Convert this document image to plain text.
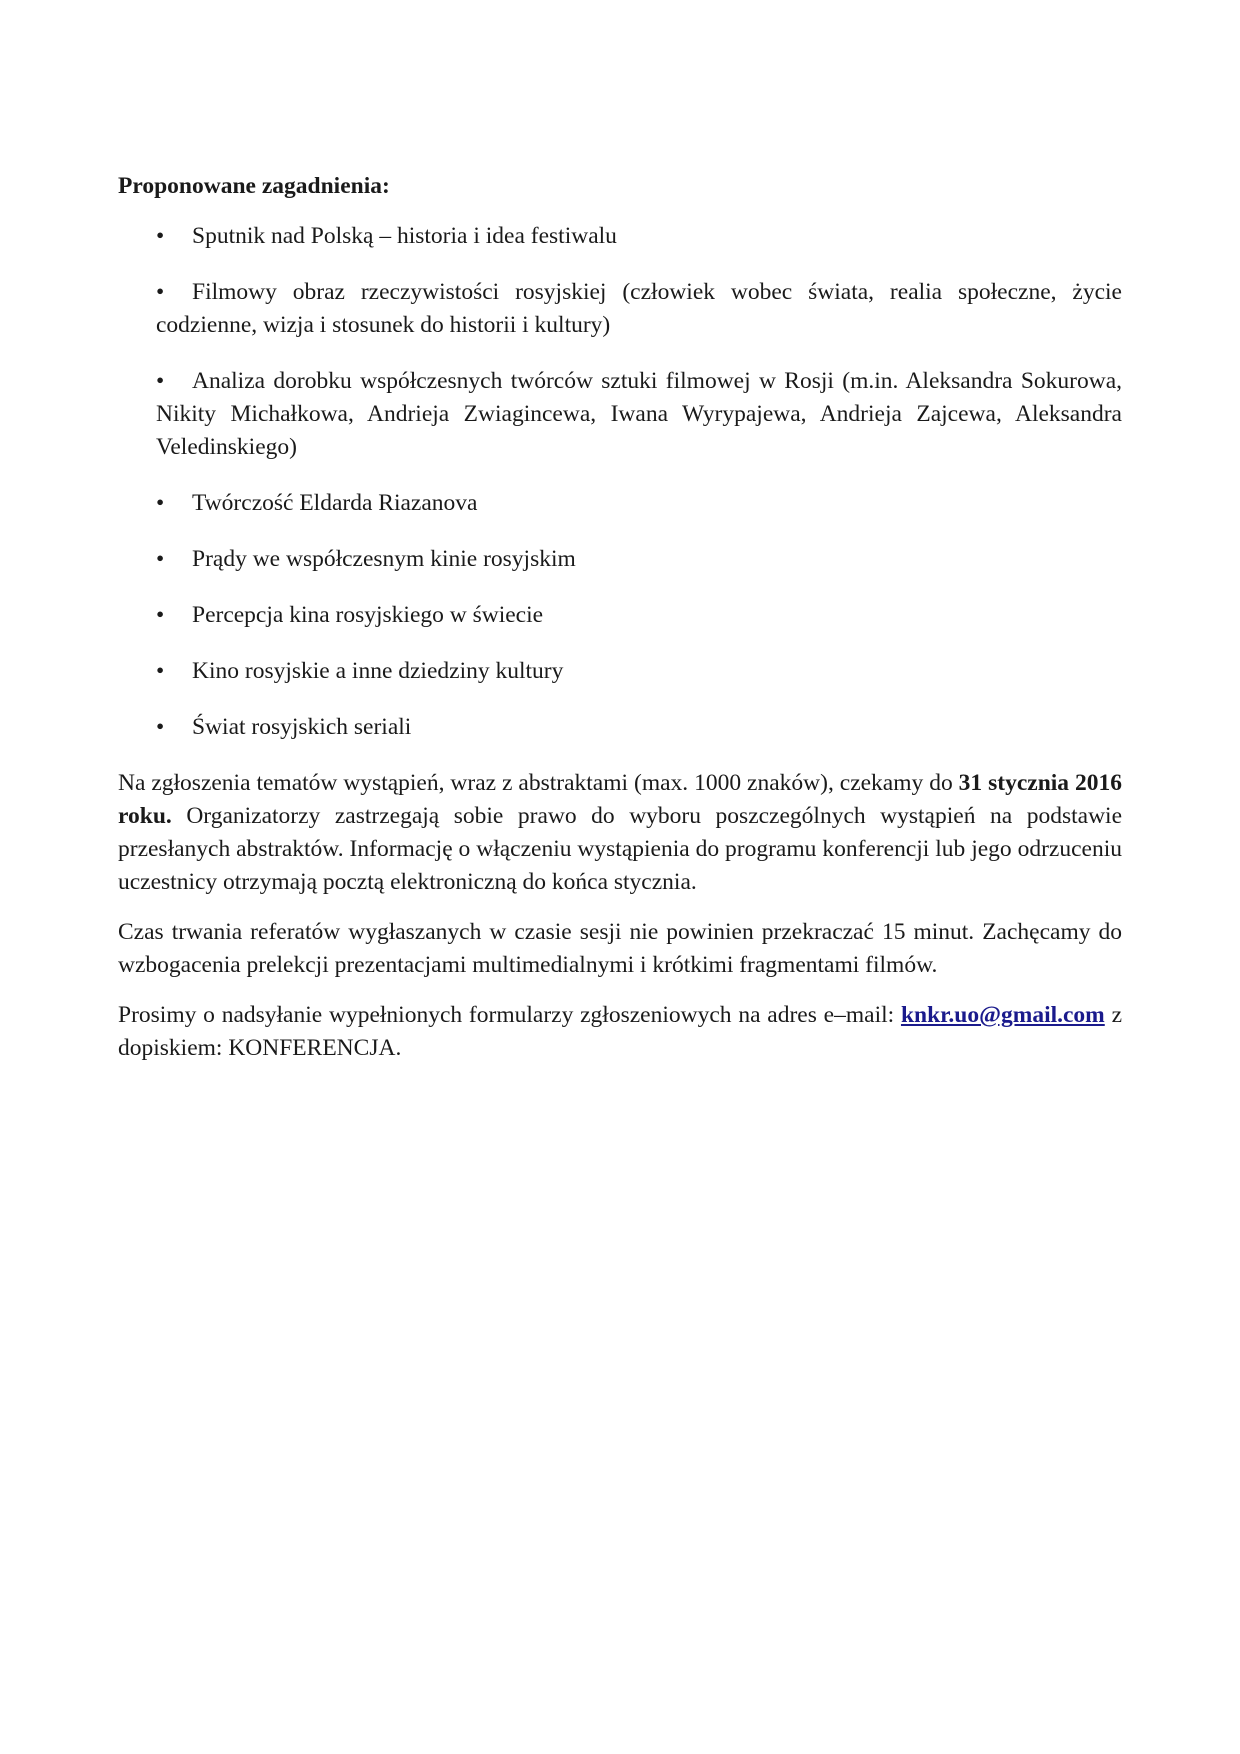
Proponowane zagadnienia:

•	Sputnik nad Polską – historia i idea festiwalu
•	Filmowy obraz rzeczywistości rosyjskiej (człowiek wobec świata, realia społeczne, życie codzienne, wizja i stosunek do historii i kultury)
•	Analiza dorobku współczesnych twórców sztuki filmowej w Rosji (m.in. Aleksandra Sokurowa, Nikity Michałkowa, Andrieja Zwiagincewa, Iwana Wyrypajewa, Andrieja Zajcewa, Aleksandra Veledinskiego)
•	Twórczość Eldarda Riazanova
•	Prądy we współczesnym kinie rosyjskim
•	Percepcja kina rosyjskiego w świecie
•	Kino rosyjskie a inne dziedziny kultury
•	Świat rosyjskich seriali

Na zgłoszenia tematów wystąpień, wraz z abstraktami (max. 1000 znaków), czekamy do 31 stycznia 2016 roku. Organizatorzy zastrzegają sobie prawo do wyboru poszczególnych wystąpień na podstawie przesłanych abstraktów. Informację o włączeniu wystąpienia do programu konferencji lub jego odrzuceniu uczestnicy otrzymają pocztą elektroniczną do końca stycznia.

Czas trwania referatów wygłaszanych w czasie sesji nie powinien przekraczać 15 minut. Zachęcamy do wzbogacenia prelekcji prezentacjami multimedialnymi i krótkimi fragmentami filmów.

Prosimy o nadsyłanie wypełnionych formularzy zgłoszeniowych na adres e–mail: knkr.uo@gmail.com z dopiskiem: KONFERENCJA.
